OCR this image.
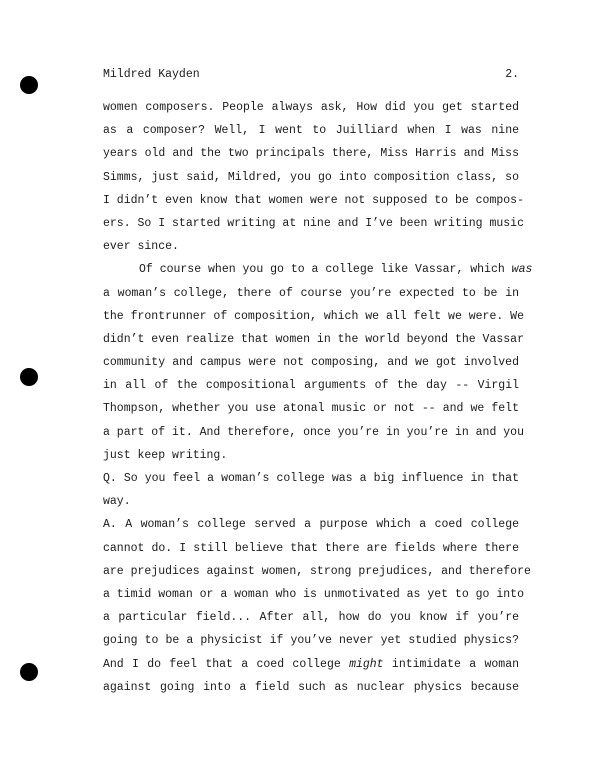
Mildred Kayden	2.
women composers. People always ask, How did you get started
as a composer? Well, I went to Juilliard when I was nine
years old and the two principals there, Miss Harris and Miss
Simms, just said, Mildred, you go into composition class, so
I didn’t even know that women were not supposed to be compos-
ers. So I started writing at nine and I’ve been writing music
ever since.
Of course when you go to a college like Vassar, which was
a woman’s college, there of course you’re expected to be in
the frontrunner of composition, which we all felt we were. We
didn’t even realize that women in the world beyond the Vassar
community and campus were not composing, and we got involved
in all of the compositional arguments of the day -- Virgil
Thompson, whether you use atonal music or not -- and we felt
a part of it. And therefore, once you’re in you’re in and you
just keep writing.
Q. So you feel a woman’s college was a big influence in that
way.
A. A woman’s college served a purpose which a coed college
cannot do. I still believe that there are fields where there
are prejudices against women, strong prejudices, and therefore
a timid woman or a woman who is unmotivated as yet to go into
a particular field... After all, how do you know if you’re
going to be a physicist if you’ve never yet studied physics?
And I do feel that a coed college might intimidate a woman
against going into a field such as nuclear physics because
